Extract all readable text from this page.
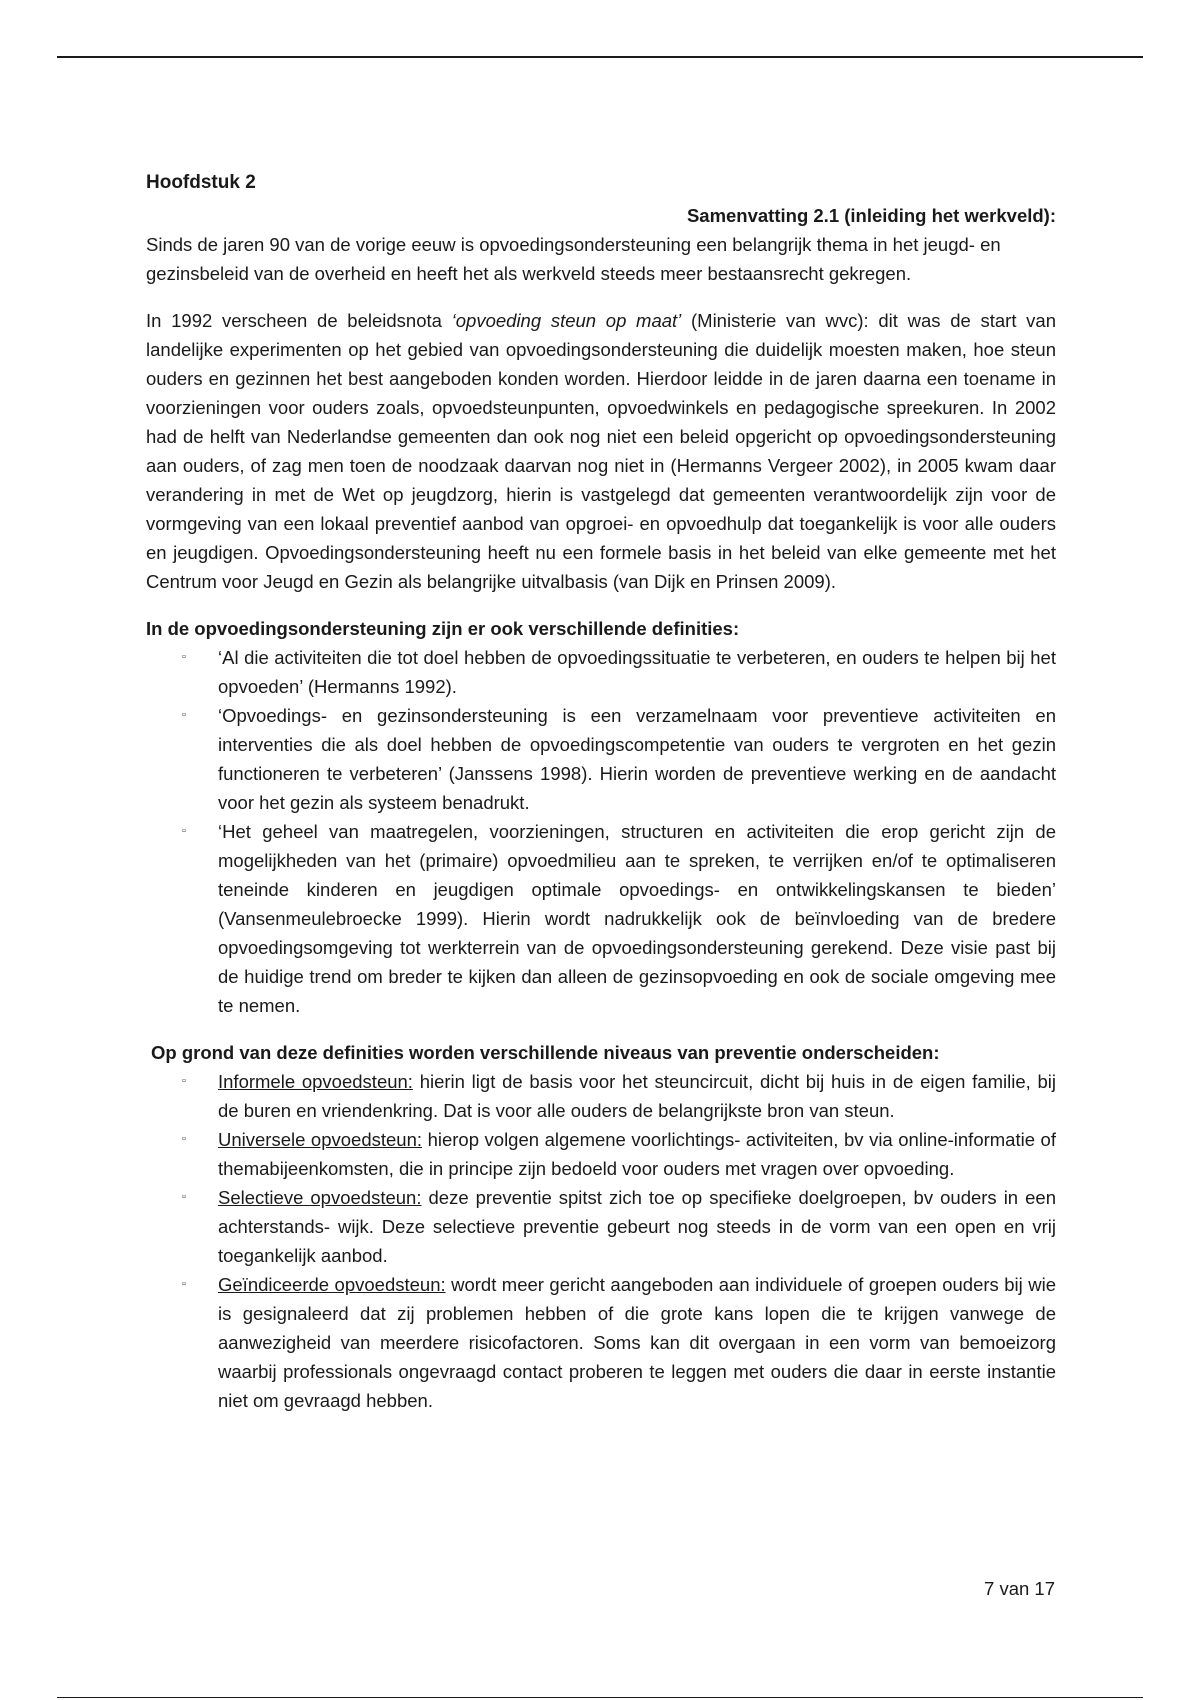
Hoofdstuk 2
Samenvatting 2.1 (inleiding het werkveld):

Sinds de jaren 90 van de vorige eeuw is opvoedingsondersteuning een belangrijk thema in het jeugd- en gezinsbeleid van de overheid en heeft het als werkveld steeds meer bestaansrecht gekregen.

In 1992 verscheen de beleidsnota ‘opvoeding steun op maat’ (Ministerie van wvc): dit was de start van landelijke experimenten op het gebied van opvoedingsondersteuning die duidelijk moesten maken, hoe steun ouders en gezinnen het best aangeboden konden worden. Hierdoor leidde in de jaren daarna een toename in voorzieningen voor ouders zoals, opvoedsteunpunten, opvoedwinkels en pedagogische spreekuren. In 2002 had de helft van Nederlandse gemeenten dan ook nog niet een beleid opgericht op opvoedingsondersteuning aan ouders, of zag men toen de noodzaak daarvan nog niet in (Hermanns Vergeer 2002), in 2005 kwam daar verandering in met de Wet op jeugdzorg, hierin is vastgelegd dat gemeenten verantwoordelijk zijn voor de vormgeving van een lokaal preventief aanbod van opgroei- en opvoedhulp dat toegankelijk is voor alle ouders en jeugdigen. Opvoedingsondersteuning heeft nu een formele basis in het beleid van elke gemeente met het Centrum voor Jeugd en Gezin als belangrijke uitvalbasis (van Dijk en Prinsen 2009).

In de opvoedingsondersteuning zijn er ook verschillende definities:
▫ ‘Al die activiteiten die tot doel hebben de opvoedingssituatie te verbeteren, en ouders te helpen bij het opvoeden’ (Hermanns 1992).
▫ ‘Opvoedings- en gezinsondersteuning is een verzamelnaam voor preventieve activiteiten en interventies die als doel hebben de opvoedingscompetentie van ouders te vergroten en het gezin functioneren te verbeteren’ (Janssens 1998). Hierin worden de preventieve werking en de aandacht voor het gezin als systeem benadrukt.
▫ ‘Het geheel van maatregelen, voorzieningen, structuren en activiteiten die erop gericht zijn de mogelijkheden van het (primaire) opvoedmilieu aan te spreken, te verrijken en/of te optimaliseren teneinde kinderen en jeugdigen optimale opvoedings- en ontwikkelingskansen te bieden’ (Vansenmeulebroecke 1999). Hierin wordt nadrukkelijk ook de beïnvloeding van de bredere opvoedingsomgeving tot werkterrein van de opvoedingsondersteuning gerekend. Deze visie past bij de huidige trend om breder te kijken dan alleen de gezinsopvoeding en ook de sociale omgeving mee te nemen.
Op grond van deze definities worden verschillende niveaus van preventie onderscheiden:
▫ Informele opvoedsteun: hierin ligt de basis voor het steuncircuit, dicht bij huis in de eigen familie, bij de buren en vriendenkring. Dat is voor alle ouders de belangrijkste bron van steun.
▫ Universele opvoedsteun: hierop volgen algemene voorlichtings- activiteiten, bv via online-informatie of themabijeenkomsten, die in principe zijn bedoeld voor ouders met vragen over opvoeding.
▫ Selectieve opvoedsteun: deze preventie spitst zich toe op specifieke doelgroepen, bv ouders in een achterstands- wijk. Deze selectieve preventie gebeurt nog steeds in de vorm van een open en vrij toegankelijk aanbod.
▫ Geïndiceerde opvoedsteun: wordt meer gericht aangeboden aan individuele of groepen ouders bij wie is gesignaleerd dat zij problemen hebben of die grote kans lopen die te krijgen vanwege de aanwezigheid van meerdere risicofactoren. Soms kan dit overgaan in een vorm van bemoeizorg waarbij professionals ongevraagd contact proberen te leggen met ouders die daar in eerste instantie niet om gevraagd hebben.
7 van 17
